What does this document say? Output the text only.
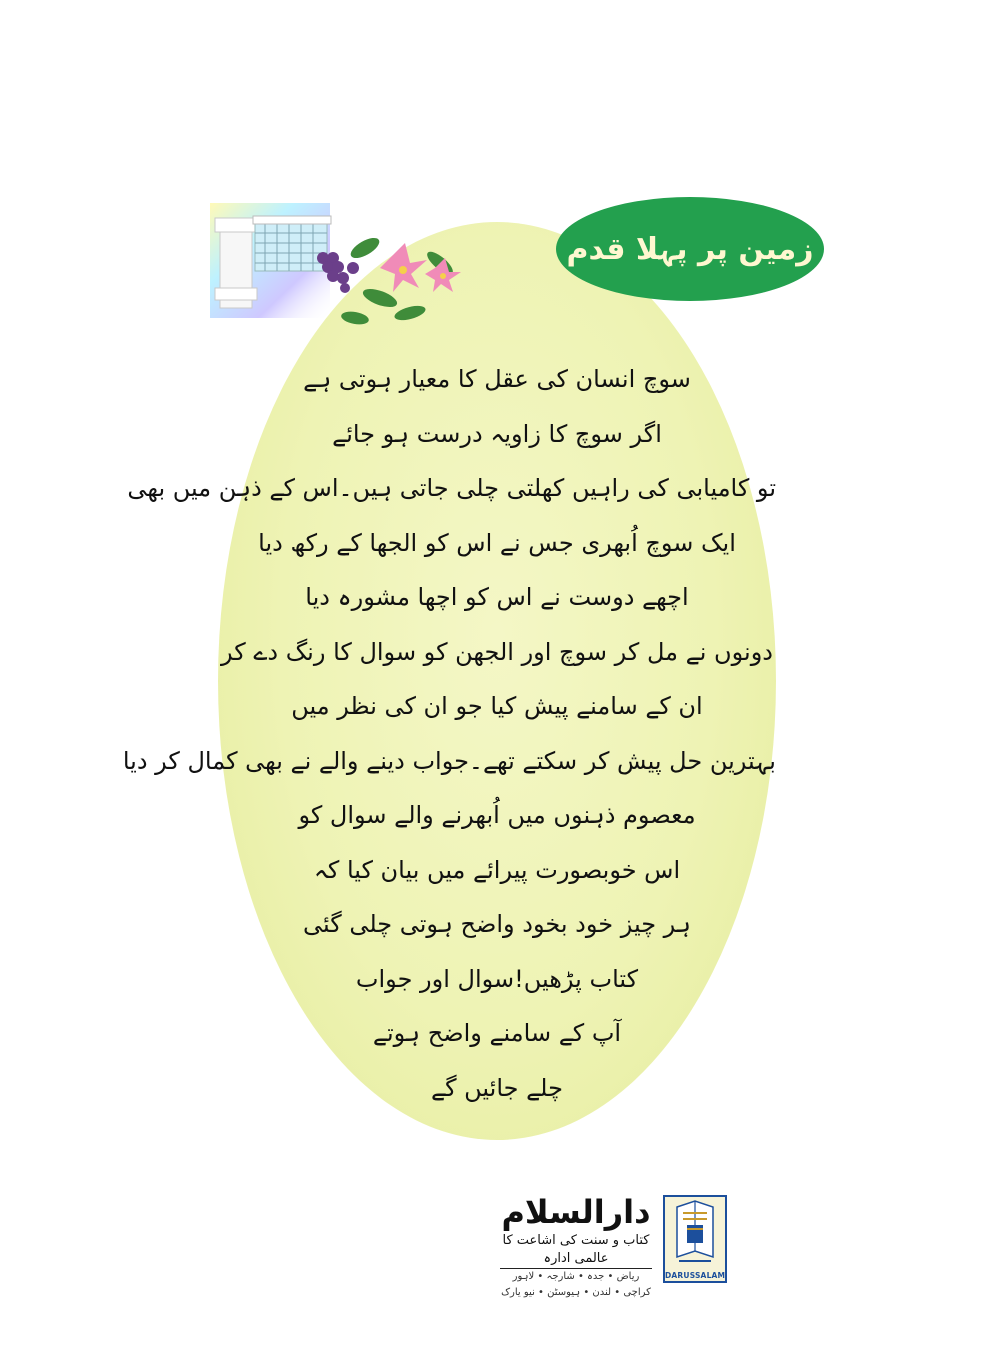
زمین پر پہلا قدم
سوچ انسان کی عقل کا معیار ہوتی ہے
اگر سوچ کا زاویہ درست ہو جائے
تو کامیابی کی راہیں کھلتی چلی جاتی ہیں۔اس کے ذہن میں بھی
ایک سوچ اُبھری جس نے اس کو الجھا کے رکھ دیا
اچھے دوست نے اس کو اچھا مشورہ دیا
دونوں نے مل کر سوچ اور الجھن کو سوال کا رنگ دے کر
ان کے سامنے پیش کیا جو ان کی نظر میں
بہترین حل پیش کر سکتے تھے۔جواب دینے والے نے بھی کمال کر دیا
معصوم ذہنوں میں اُبھرنے والے سوال کو
اس خوبصورت پیرائے میں بیان کیا کہ
ہر چیز خود بخود واضح ہوتی چلی گئی
کتاب پڑھیں!سوال اور جواب
آپ کے سامنے واضح ہوتے
چلے جائیں گے
دارالسلام
کتاب و سنت کی اشاعت کا عالمی ادارہ
ریاض • جدہ • شارجہ • لاہور
کراچی • لندن • ہیوسٹن • نیو یارک
DARUSSALAM
